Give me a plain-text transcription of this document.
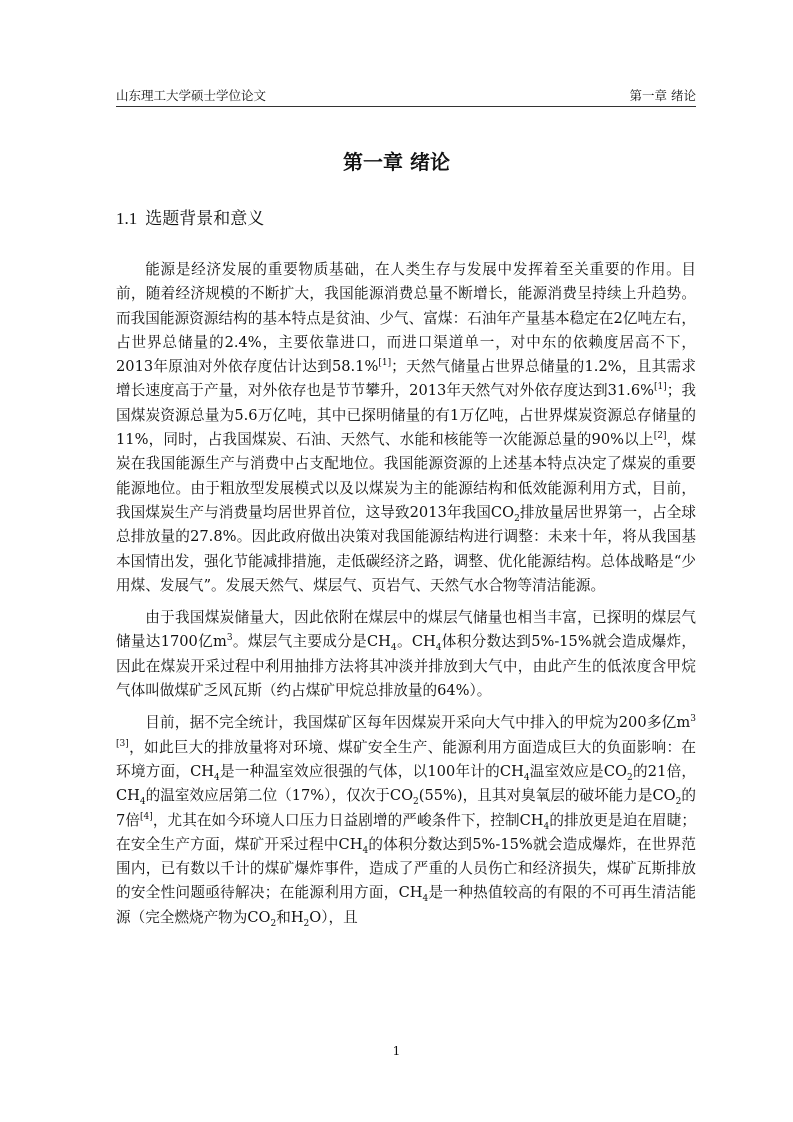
山东理工大学硕士学位论文	第一章 绪论
第一章 绪论
1.1 选题背景和意义

能源是经济发展的重要物质基础，在人类生存与发展中发挥着至关重要的作用。目前，随着经济规模的不断扩大，我国能源消费总量不断增长，能源消费呈持续上升趋势。而我国能源资源结构的基本特点是贫油、少气、富煤：石油年产量基本稳定在2亿吨左右，占世界总储量的2.4%，主要依靠进口，而进口渠道单一，对中东的依赖度居高不下，2013年原油对外依存度估计达到58.1%[1]；天然气储量占世界总储量的1.2%，且其需求增长速度高于产量，对外依存也是节节攀升，2013年天然气对外依存度达到31.6%[1]；我国煤炭资源总量为5.6万亿吨，其中已探明储量的有1万亿吨，占世界煤炭资源总存储量的11%，同时，占我国煤炭、石油、天然气、水能和核能等一次能源总量的90%以上[2]，煤炭在我国能源生产与消费中占支配地位。我国能源资源的上述基本特点决定了煤炭的重要能源地位。由于粗放型发展模式以及以煤炭为主的能源结构和低效能源利用方式，目前，我国煤炭生产与消费量均居世界首位，这导致2013年我国$CO_2$排放量居世界第一，占全球总排放量的27.8%。因此政府做出决策对我国能源结构进行调整：未来十年，将从我国基本国情出发，强化节能减排措施，走低碳经济之路，调整、优化能源结构。总体战略是“少用煤、发展气”。发展天然气、煤层气、页岩气、天然气水合物等清洁能源。

由于我国煤炭储量大，因此依附在煤层中的煤层气储量也相当丰富，已探明的煤层气储量达1700亿$m^3$。煤层气主要成分是$CH_4$。$CH_4$体积分数达到5%-15%就会造成爆炸，因此在煤炭开采过程中利用抽排方法将其冲淡并排放到大气中，由此产生的低浓度含甲烷气体叫做煤矿乏风瓦斯（约占煤矿甲烷总排放量的64%）。

目前，据不完全统计，我国煤矿区每年因煤炭开采向大气中排入的甲烷为200多亿$m^{3 [3]}$，如此巨大的排放量将对环境、煤矿安全生产、能源利用方面造成巨大的负面影响：在环境方面，$CH_4$是一种温室效应很强的气体，以100年计的$CH_4$温室效应是$CO_2$的21倍，$CH_4$的温室效应居第二位（17%），仅次于$CO_2(55\%)$，且其对臭氧层的破坏能力是$CO_2$的7倍[4]，尤其在如今环境人口压力日益剧增的严峻条件下，控制$CH_4$的排放更是迫在眉睫；在安全生产方面，煤矿开采过程中$CH_4$的体积分数达到5%-15%就会造成爆炸，在世界范围内，已有数以千计的煤矿爆炸事件，造成了严重的人员伤亡和经济损失，煤矿瓦斯排放的安全性问题亟待解决；在能源利用方面，$CH_4$是一种热值较高的有限的不可再生清洁能源（完全燃烧产物为$CO_2$和$H_2O$），且

1
